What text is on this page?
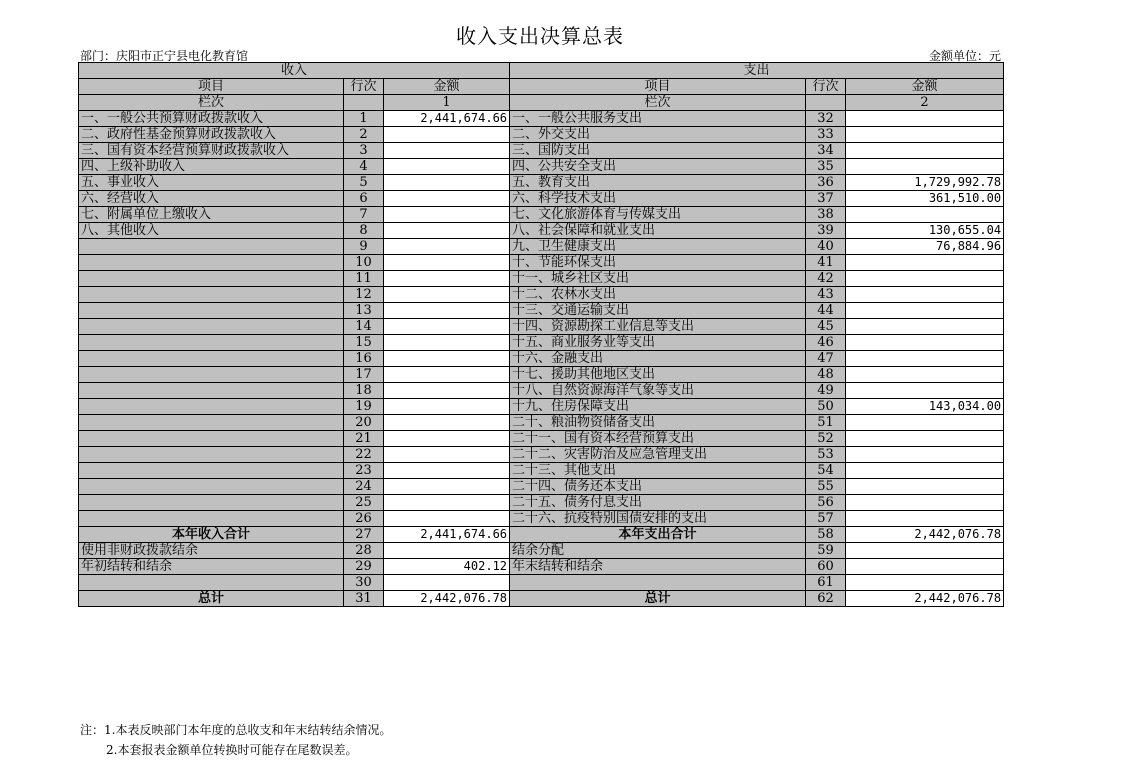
收入支出决算总表
部门：庆阳市正宁县电化教育馆	金额单位：元
收入			支出		
项目	行次	金额	项目	行次	金额
栏次		1	栏次		2
一、一般公共预算财政拨款收入	1	2,441,674.66	一、一般公共服务支出	32	
二、政府性基金预算财政拨款收入	2		二、外交支出	33	
三、国有资本经营预算财政拨款收入	3		三、国防支出	34	
四、上级补助收入	4		四、公共安全支出	35	
五、事业收入	5		五、教育支出	36	1,729,992.78
六、经营收入	6		六、科学技术支出	37	361,510.00
七、附属单位上缴收入	7		七、文化旅游体育与传媒支出	38	
八、其他收入	8		八、社会保障和就业支出	39	130,655.04
	9		九、卫生健康支出	40	76,884.96
	10		十、节能环保支出	41	
	11		十一、城乡社区支出	42	
	12		十二、农林水支出	43	
	13		十三、交通运输支出	44	
	14		十四、资源勘探工业信息等支出	45	
	15		十五、商业服务业等支出	46	
	16		十六、金融支出	47	
	17		十七、援助其他地区支出	48	
	18		十八、自然资源海洋气象等支出	49	
	19		十九、住房保障支出	50	143,034.00
	20		二十、粮油物资储备支出	51	
	21		二十一、国有资本经营预算支出	52	
	22		二十二、灾害防治及应急管理支出	53	
	23		二十三、其他支出	54	
	24		二十四、债务还本支出	55	
	25		二十五、债务付息支出	56	
	26		二十六、抗疫特别国债安排的支出	57	
本年收入合计	27	2,441,674.66	本年支出合计	58	2,442,076.78
使用非财政拨款结余	28		结余分配	59	
年初结转和结余	29	402.12	年末结转和结余	60	
	30			61	
总计	31	2,442,076.78	总计	62	2,442,076.78
注：1.本表反映部门本年度的总收支和年末结转结余情况。
2.本套报表金额单位转换时可能存在尾数误差。
